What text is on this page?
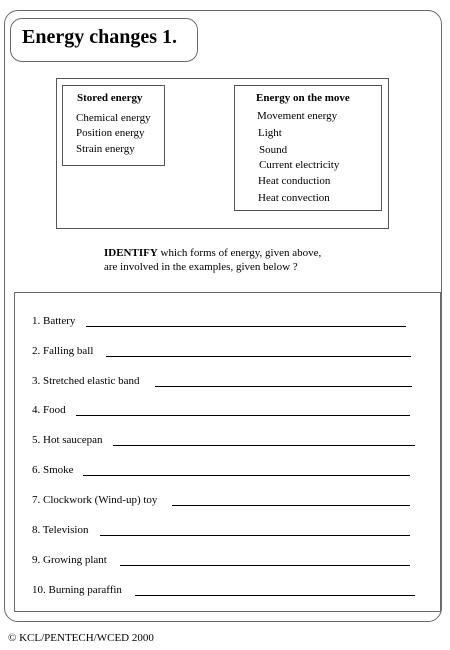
Energy changes 1.
Stored energy
Chemical energy
Position energy
Strain energy
Energy on the move
Movement energy
Light
Sound
Current electricity
Heat conduction
Heat convection
IDENTIFY which forms of energy, given above,
are involved in the examples, given below ?
1. Battery
2. Falling ball
3. Stretched elastic band
4. Food
5. Hot saucepan
6. Smoke
7. Clockwork (Wind-up) toy
8. Television
9. Growing plant
10. Burning paraffin
© KCL/PENTECH/WCED 2000
